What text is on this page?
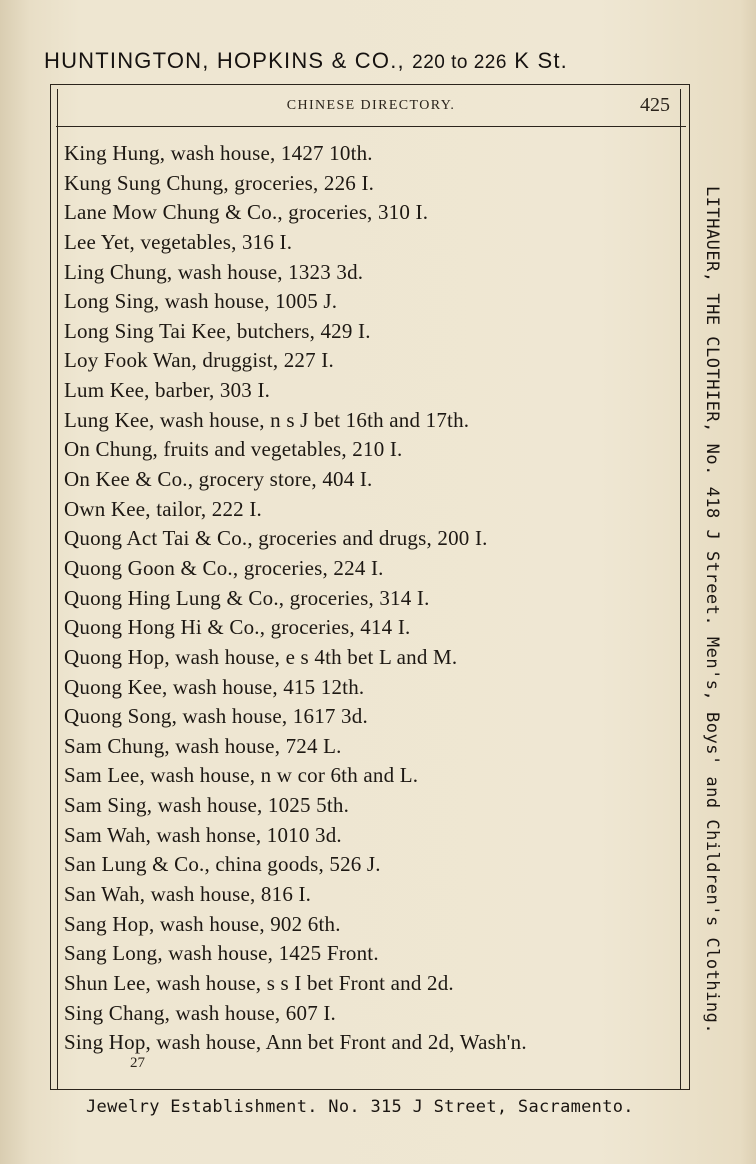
HUNTINGTON, HOPKINS & CO., 220 to 226 K St.
CHINESE DIRECTORY.	425
King Hung, wash house, 1427 10th.
Kung Sung Chung, groceries, 226 I.
Lane Mow Chung & Co., groceries, 310 I.
Lee Yet, vegetables, 316 I.
Ling Chung, wash house, 1323 3d.
Long Sing, wash house, 1005 J.
Long Sing Tai Kee, butchers, 429 I.
Loy Fook Wan, druggist, 227 I.
Lum Kee, barber, 303 I.
Lung Kee, wash house, n s J bet 16th and 17th.
On Chung, fruits and vegetables, 210 I.
On Kee & Co., grocery store, 404 I.
Own Kee, tailor, 222 I.
Quong Act Tai & Co., groceries and drugs, 200 I.
Quong Goon & Co., groceries, 224 I.
Quong Hing Lung & Co., groceries, 314 I.
Quong Hong Hi & Co., groceries, 414 I.
Quong Hop, wash house, e s 4th bet L and M.
Quong Kee, wash house, 415 12th.
Quong Song, wash house, 1617 3d.
Sam Chung, wash house, 724 L.
Sam Lee, wash house, n w cor 6th and L.
Sam Sing, wash house, 1025 5th.
Sam Wah, wash honse, 1010 3d.
San Lung & Co., china goods, 526 J.
San Wah, wash house, 816 I.
Sang Hop, wash house, 902 6th.
Sang Long, wash house, 1425 Front.
Shun Lee, wash house, s s I bet Front and 2d.
Sing Chang, wash house, 607 I.
Sing Hop, wash house, Ann bet Front and 2d, Wash'n.
27
LITHAUER, THE CLOTHIER, No. 418 J Street. Men's, Boys' and Children's Clothing.
Jewelry Establishment. No. 315 J Street, Sacramento.
